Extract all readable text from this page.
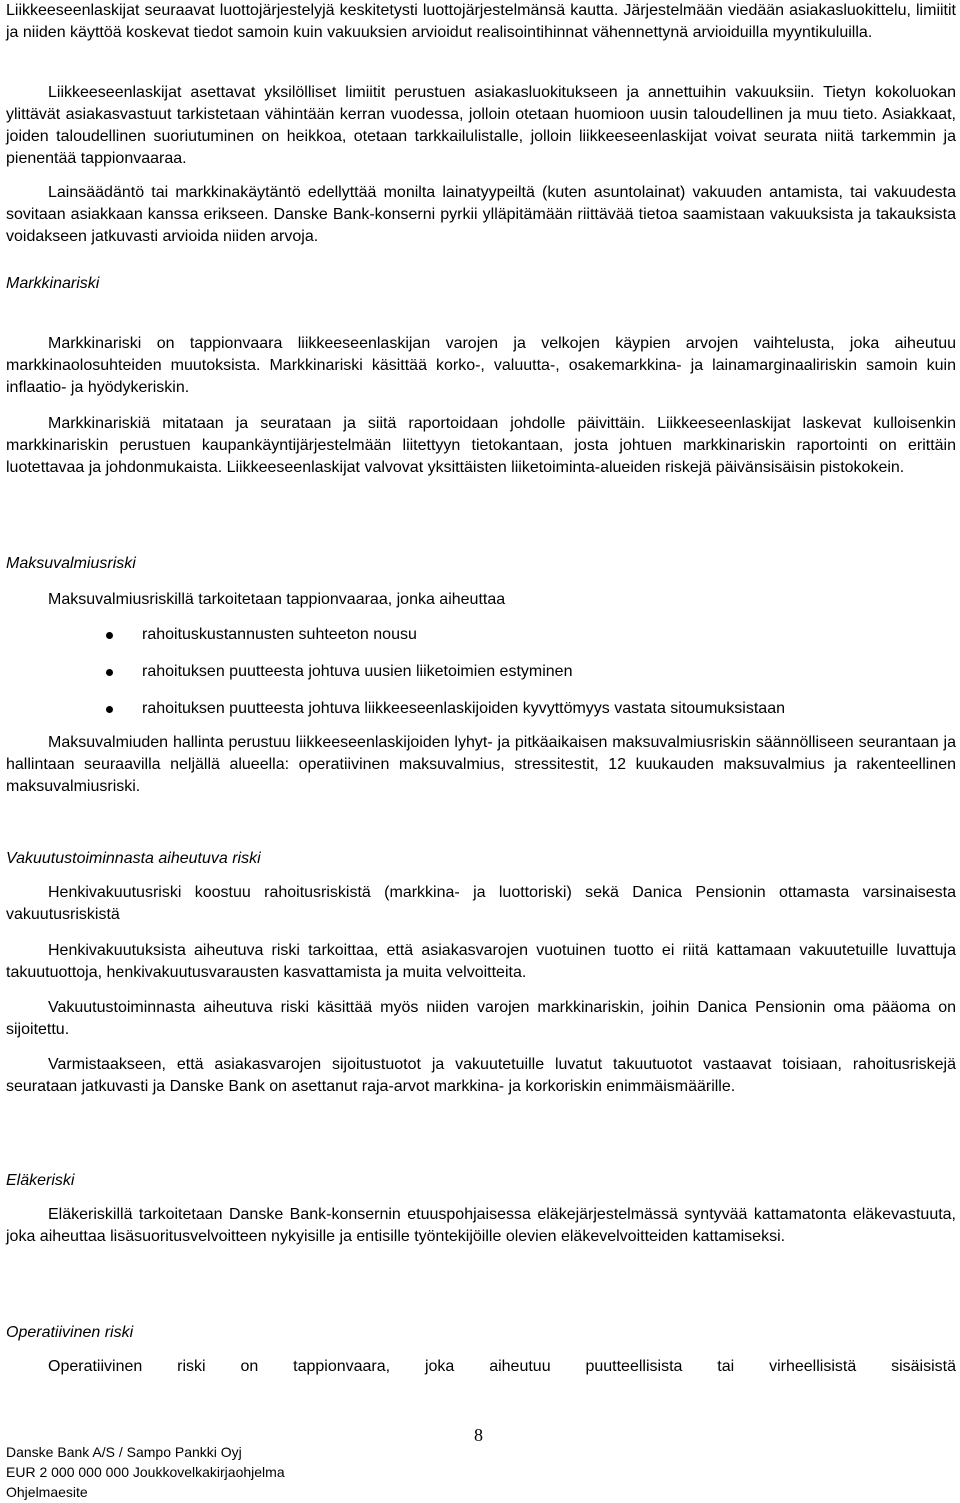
Liikkeeseenlaskijat seuraavat luottojärjestelyjä keskitetysti luottojärjestelmänsä kautta. Järjestelmään viedään asiakasluokittelu, limiitit ja niiden käyttöä koskevat tiedot samoin kuin vakuuksien arvioidut realisointihinnat vähennettynä arvioiduilla myyntikuluilla.

Liikkeeseenlaskijat asettavat yksilölliset limiitit perustuen asiakasluokitukseen ja annettuihin vakuuksiin. Tietyn kokoluokan ylittävät asiakasvastuut tarkistetaan vähintään kerran vuodessa, jolloin otetaan huomioon uusin taloudellinen ja muu tieto. Asiakkaat, joiden taloudellinen suoriutuminen on heikkoa, otetaan tarkkailulistalle, jolloin liikkeeseenlaskijat voivat seurata niitä tarkemmin ja pienentää tappionvaaraa.

Lainsäädäntö tai markkinakäytäntö edellyttää monilta lainatyypeiltä (kuten asuntolainat) vakuuden antamista, tai vakuudesta sovitaan asiakkaan kanssa erikseen. Danske Bank-konserni pyrkii ylläpitämään riittävää tietoa saamistaan vakuuksista ja takauksista voidakseen jatkuvasti arvioida niiden arvoja.

Markkinariski

Markkinariski on tappionvaara liikkeeseenlaskijan varojen ja velkojen käypien arvojen vaihtelusta, joka aiheutuu markkinaolosuhteiden muutoksista. Markkinariski käsittää korko-, valuutta-, osakemarkkina- ja lainamarginaaliriskin samoin kuin inflaatio- ja hyödykeriskin.

Markkinariskiä mitataan ja seurataan ja siitä raportoidaan johdolle päivittäin. Liikkeeseenlaskijat laskevat kulloisenkin markkinariskin perustuen kaupankäyntijärjestelmään liitettyyn tietokantaan, josta johtuen markkinariskin raportointi on erittäin luotettavaa ja johdonmukaista. Liikkeeseenlaskijat valvovat yksittäisten liiketoiminta-alueiden riskejä päivänsisäisin pistokokein.

Maksuvalmiusriski

Maksuvalmiusriskillä tarkoitetaan tappionvaaraa, jonka aiheuttaa

rahoituskustannusten suhteeton nousu
rahoituksen puutteesta johtuva uusien liiketoimien estyminen
rahoituksen puutteesta johtuva liikkeeseenlaskijoiden kyvyttömyys vastata sitoumuksistaan

Maksuvalmiuden hallinta perustuu liikkeeseenlaskijoiden lyhyt- ja pitkäaikaisen maksuvalmiusriskin säännölliseen seurantaan ja hallintaan seuraavilla neljällä alueella: operatiivinen maksuvalmius, stressitestit, 12 kuukauden maksuvalmius ja rakenteellinen maksuvalmiusriski.

Vakuutustoiminnasta aiheutuva riski

Henkivakuutusriski koostuu rahoitusriskistä (markkina- ja luottoriski) sekä Danica Pensionin ottamasta varsinaisesta vakuutusriskistä

Henkivakuutuksista aiheutuva riski tarkoittaa, että asiakasvarojen vuotuinen tuotto ei riitä kattamaan vakuutetuille luvattuja takuutuottoja, henkivakuutusvarausten kasvattamista ja muita velvoitteita.

Vakuutustoiminnasta aiheutuva riski käsittää myös niiden varojen markkinariskin, joihin Danica Pensionin oma pääoma on sijoitettu.

Varmistaakseen, että asiakasvarojen sijoitustuotot ja vakuutetuille luvatut takuutuotot vastaavat toisiaan, rahoitusriskejä seurataan jatkuvasti ja Danske Bank on asettanut raja-arvot markkina- ja korkoriskin enimmäismäärille.

Eläkeriski

Eläkeriskillä tarkoitetaan Danske Bank-konsernin etuuspohjaisessa eläkejärjestelmässä syntyvää kattamatonta eläkevastuuta, joka aiheuttaa lisäsuoritusvelvoitteen nykyisille ja entisille työntekijöille olevien eläkevelvoitteiden kattamiseksi.

Operatiivinen riski

Operatiivinen riski on tappionvaara, joka aiheutuu puutteellisista tai virheellisistä sisäisistä

8
Danske Bank A/S / Sampo Pankki Oyj
EUR 2 000 000 000 Joukkovelkakirjaohjelma
Ohjelmaesite
